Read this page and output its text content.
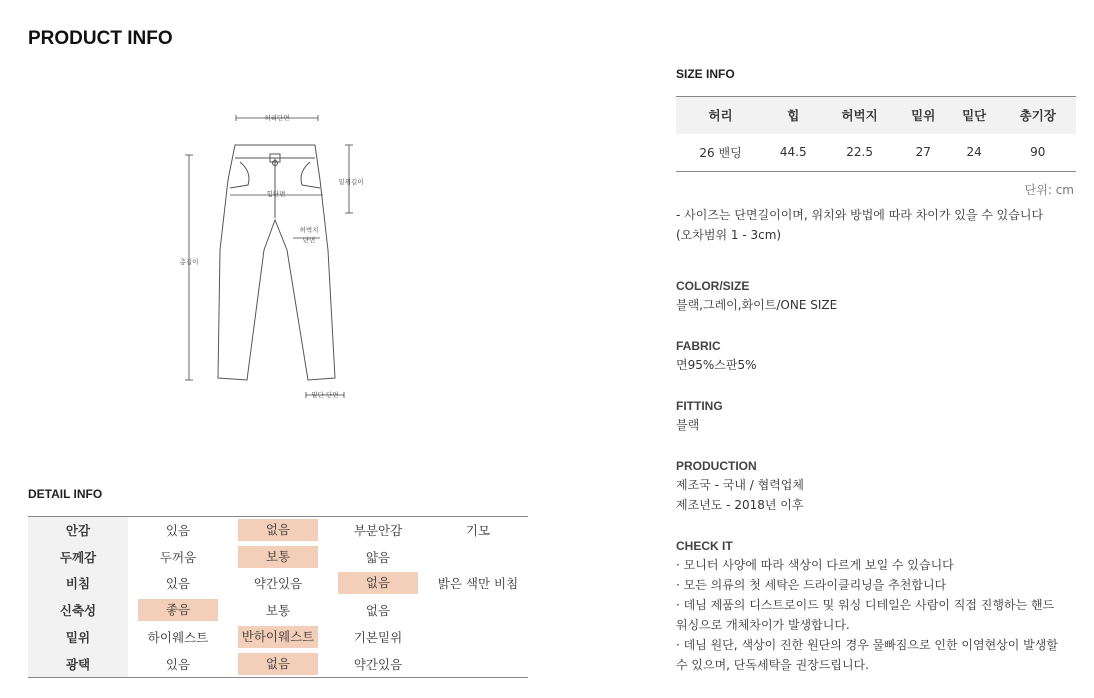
PRODUCT INFO
허리단면
밑위길이
힙단면
허벅지
단면
총길이
밑단 단면
DETAIL INFO
안감	있음	없음	부분안감	기모
두께감	두꺼움	보통	얇음	
비침	있음	약간있음	없음	밝은 색만 비침
신축성	좋음	보통	없음	
밑위	하이웨스트	반하이웨스트	기본밑위	
광택	있음	없음	약간있음	
SIZE INFO
허리	힙	허벅지	밑위	밑단	총기장
26 밴딩	44.5	22.5	27	24	90
단위: cm
- 사이즈는 단면길이이며, 위치와 방법에 따라 차이가 있을 수 있습니다
(오차범위 1 - 3cm)
COLOR/SIZE
블랙,그레이,화이트/ONE SIZE
FABRIC
면95%스판5%
FITTING
블랙
PRODUCTION
제조국 - 국내 / 협력업체
제조년도 - 2018년 이후
CHECK IT
· 모니터 사양에 따라 색상이 다르게 보일 수 있습니다
· 모든 의류의 첫 세탁은 드라이클리닝을 추천합니다
· 데님 제품의 디스트로이드 및 워싱 디테일은 사람이 직접 진행하는 핸드
워싱으로 개체차이가 발생합니다.
· 데님 원단, 색상이 진한 원단의 경우 물빠짐으로 인한 이염현상이 발생할
수 있으며, 단독세탁을 권장드립니다.
